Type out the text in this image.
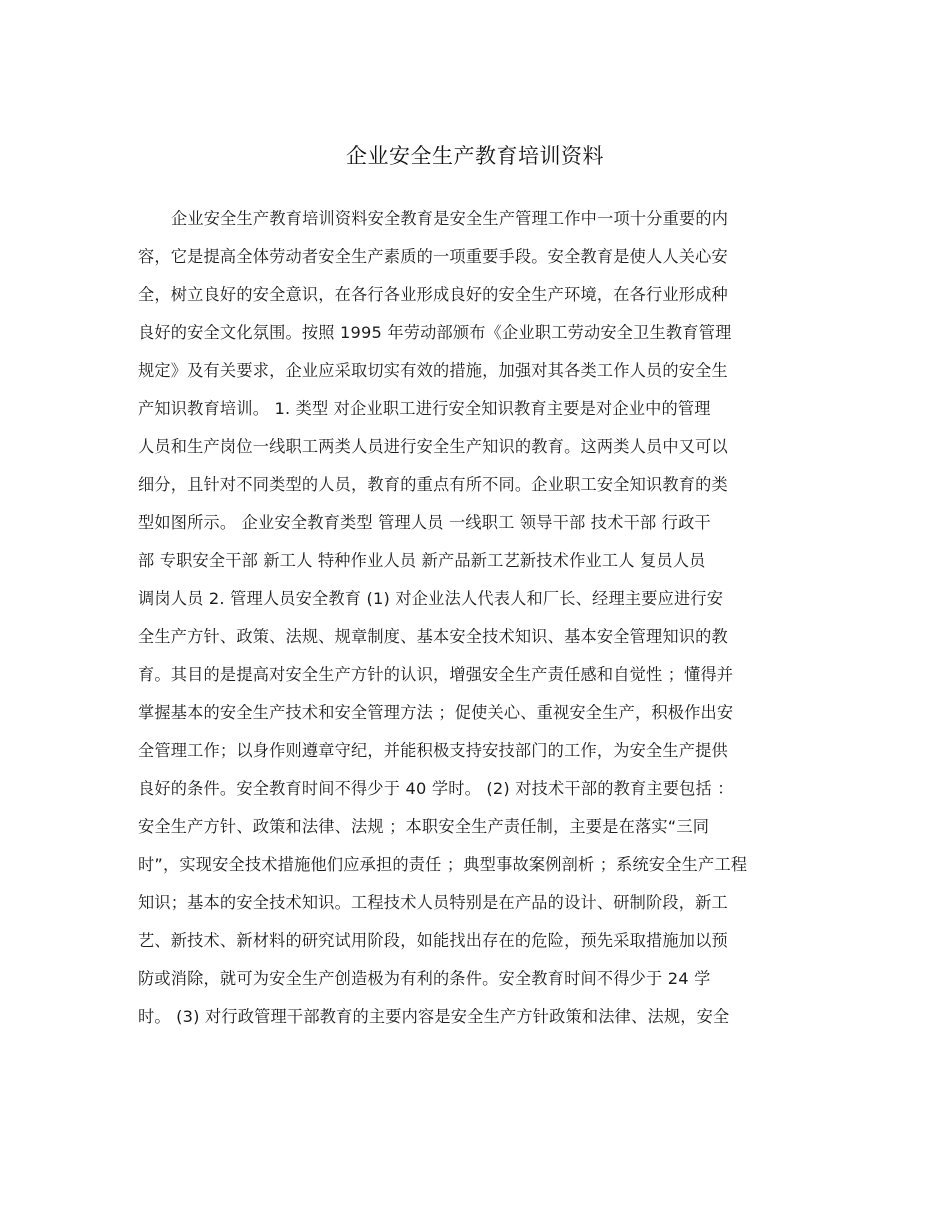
企业安全生产教育培训资料
企业安全生产教育培训资料安全教育是安全生产管理工作中一项十分重要的内
容，它是提高全体劳动者安全生产素质的一项重要手段。安全教育是使人人关心安
全，树立良好的安全意识，在各行各业形成良好的安全生产环境，在各行业形成种
良好的安全文化氛围。按照 1995 年劳动部颁布《企业职工劳动安全卫生教育管理
规定》及有关要求，企业应采取切实有效的措施，加强对其各类工作人员的安全生
产知识教育培训。 1. 类型 对企业职工进行安全知识教育主要是对企业中的管理
人员和生产岗位一线职工两类人员进行安全生产知识的教育。这两类人员中又可以
细分，且针对不同类型的人员，教育的重点有所不同。企业职工安全知识教育的类
型如图所示。 企业安全教育类型 管理人员 一线职工 领导干部 技术干部 行政干
部 专职安全干部 新工人 特种作业人员 新产品新工艺新技术作业工人 复员人员
调岗人员 2. 管理人员安全教育 (1) 对企业法人代表人和厂长、经理主要应进行安
全生产方针、政策、法规、规章制度、基本安全技术知识、基本安全管理知识的教
育。其目的是提高对安全生产方针的认识，增强安全生产责任感和自觉性 ；懂得并
掌握基本的安全生产技术和安全管理方法 ；促使关心、重视安全生产，积极作出安
全管理工作；以身作则遵章守纪，并能积极支持安技部门的工作，为安全生产提供
良好的条件。安全教育时间不得少于 40 学时。 (2) 对技术干部的教育主要包括 ：
安全生产方针、政策和法律、法规 ；本职安全生产责任制，主要是在落实“三同
时”，实现安全技术措施他们应承担的责任 ；典型事故案例剖析 ；系统安全生产工程
知识；基本的安全技术知识。工程技术人员特别是在产品的设计、研制阶段，新工
艺、新技术、新材料的研究试用阶段，如能找出存在的危险，预先采取措施加以预
防或消除，就可为安全生产创造极为有利的条件。安全教育时间不得少于 24 学
时。 (3) 对行政管理干部教育的主要内容是安全生产方针政策和法律、法规，安全
